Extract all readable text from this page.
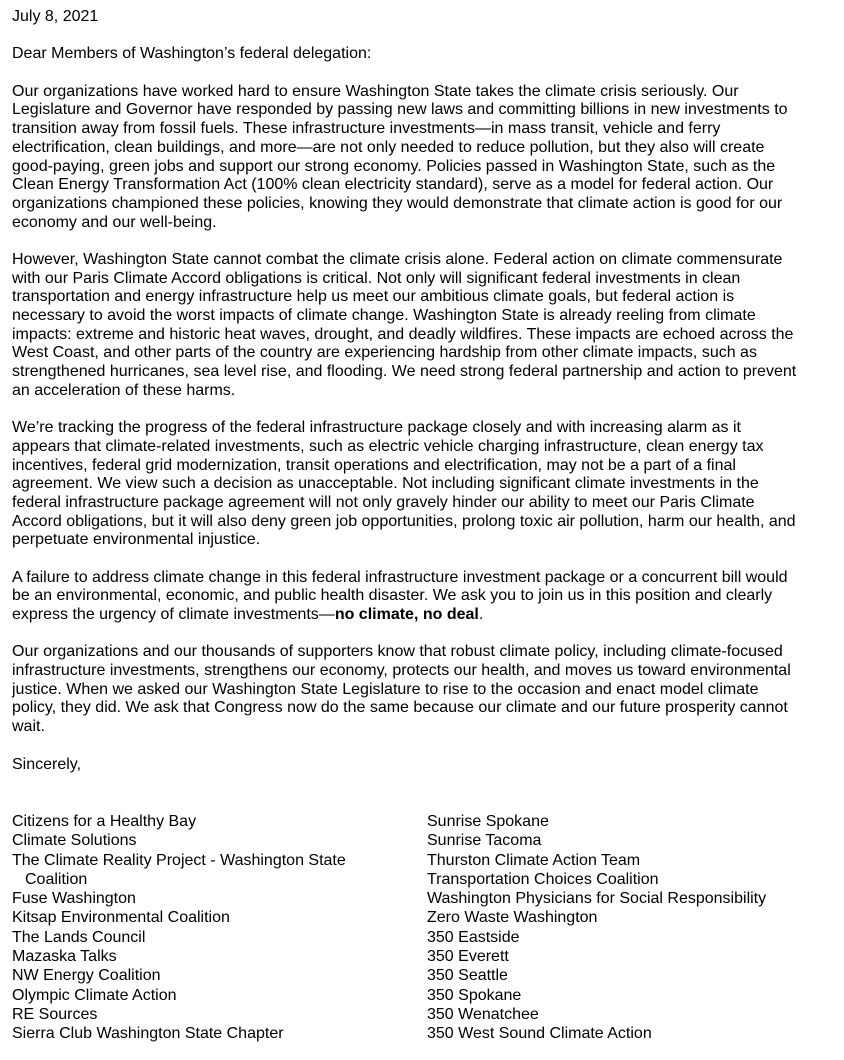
July 8, 2021
Dear Members of Washington’s federal delegation:
Our organizations have worked hard to ensure Washington State takes the climate crisis seriously. Our
Legislature and Governor have responded by passing new laws and committing billions in new investments to
transition away from fossil fuels. These infrastructure investments—in mass transit, vehicle and ferry
electrification, clean buildings, and more—are not only needed to reduce pollution, but they also will create
good-paying, green jobs and support our strong economy. Policies passed in Washington State, such as the
Clean Energy Transformation Act (100% clean electricity standard), serve as a model for federal action. Our
organizations championed these policies, knowing they would demonstrate that climate action is good for our
economy and our well-being.
However, Washington State cannot combat the climate crisis alone. Federal action on climate commensurate
with our Paris Climate Accord obligations is critical. Not only will significant federal investments in clean
transportation and energy infrastructure help us meet our ambitious climate goals, but federal action is
necessary to avoid the worst impacts of climate change. Washington State is already reeling from climate
impacts: extreme and historic heat waves, drought, and deadly wildfires. These impacts are echoed across the
West Coast, and other parts of the country are experiencing hardship from other climate impacts, such as
strengthened hurricanes, sea level rise, and flooding. We need strong federal partnership and action to prevent
an acceleration of these harms.
We’re tracking the progress of the federal infrastructure package closely and with increasing alarm as it
appears that climate-related investments, such as electric vehicle charging infrastructure, clean energy tax
incentives, federal grid modernization, transit operations and electrification, may not be a part of a final
agreement. We view such a decision as unacceptable. Not including significant climate investments in the
federal infrastructure package agreement will not only gravely hinder our ability to meet our Paris Climate
Accord obligations, but it will also deny green job opportunities, prolong toxic air pollution, harm our health, and
perpetuate environmental injustice.
A failure to address climate change in this federal infrastructure investment package or a concurrent bill would
be an environmental, economic, and public health disaster. We ask you to join us in this position and clearly
express the urgency of climate investments—no climate, no deal.
Our organizations and our thousands of supporters know that robust climate policy, including climate-focused
infrastructure investments, strengthens our economy, protects our health, and moves us toward environmental
justice. When we asked our Washington State Legislature to rise to the occasion and enact model climate
policy, they did. We ask that Congress now do the same because our climate and our future prosperity cannot
wait.
Sincerely,
Citizens for a Healthy Bay
Climate Solutions
The Climate Reality Project - Washington State
Coalition
Fuse Washington
Kitsap Environmental Coalition
The Lands Council
Mazaska Talks
NW Energy Coalition
Olympic Climate Action
RE Sources
Sierra Club Washington State Chapter
Sunrise Spokane
Sunrise Tacoma
Thurston Climate Action Team
Transportation Choices Coalition
Washington Physicians for Social Responsibility
Zero Waste Washington
350 Eastside
350 Everett
350 Seattle
350 Spokane
350 Wenatchee
350 West Sound Climate Action
